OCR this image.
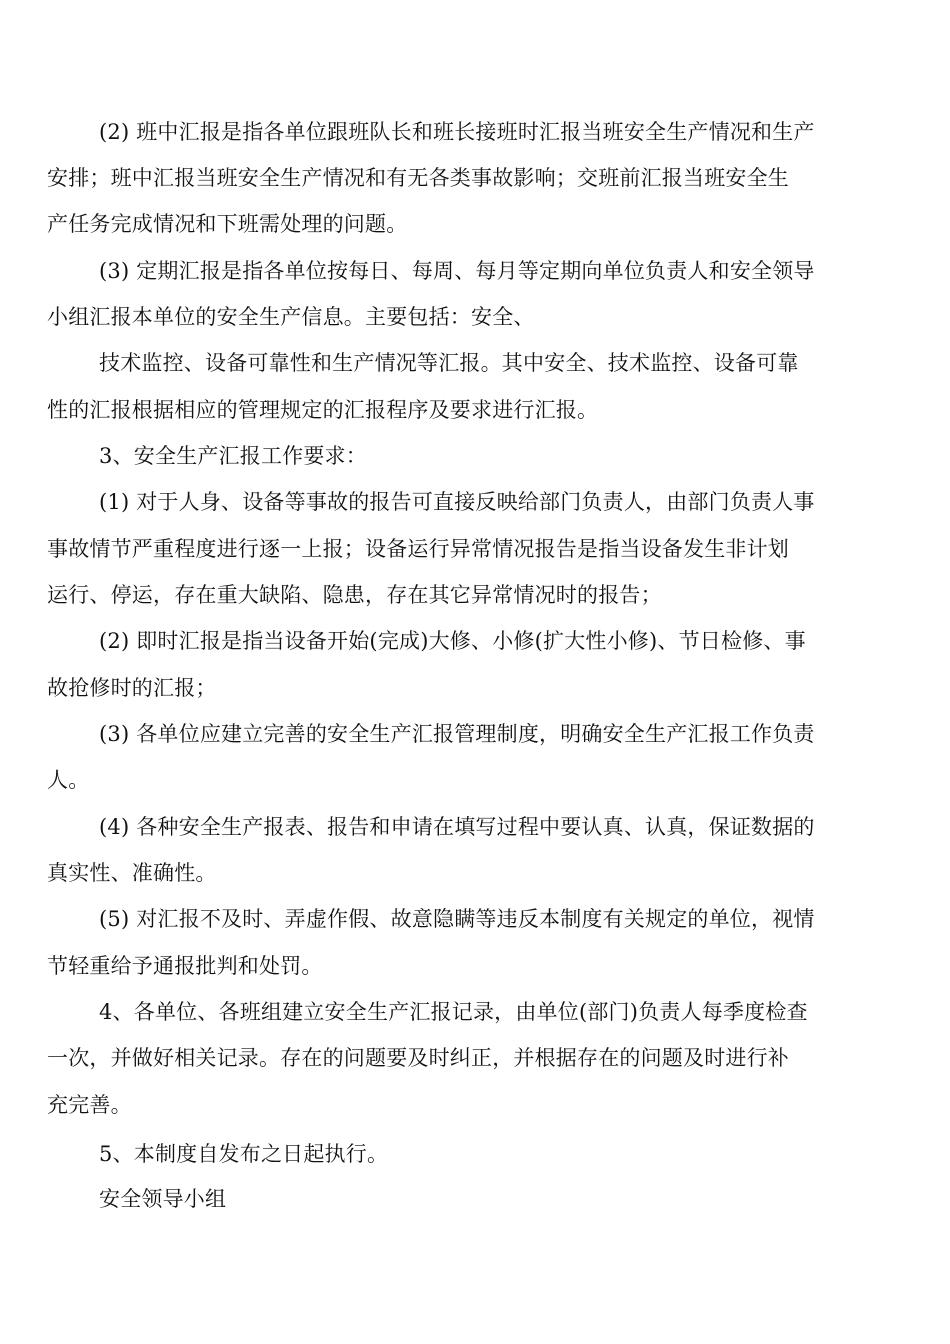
(2) 班中汇报是指各单位跟班队长和班长接班时汇报当班安全生产情况和生产
安排；班中汇报当班安全生产情况和有无各类事故影响；交班前汇报当班安全生
产任务完成情况和下班需处理的问题。
(3) 定期汇报是指各单位按每日、每周、每月等定期向单位负责人和安全领导
小组汇报本单位的安全生产信息。主要包括：安全、
技术监控、设备可靠性和生产情况等汇报。其中安全、技术监控、设备可靠
性的汇报根据相应的管理规定的汇报程序及要求进行汇报。
3、安全生产汇报工作要求：
(1) 对于人身、设备等事故的报告可直接反映给部门负责人，由部门负责人事
事故情节严重程度进行逐一上报；设备运行异常情况报告是指当设备发生非计划
运行、停运，存在重大缺陷、隐患，存在其它异常情况时的报告；
(2) 即时汇报是指当设备开始(完成)大修、小修(扩大性小修)、节日检修、事
故抢修时的汇报；
(3) 各单位应建立完善的安全生产汇报管理制度，明确安全生产汇报工作负责
人。
(4) 各种安全生产报表、报告和申请在填写过程中要认真、认真，保证数据的
真实性、准确性。
(5) 对汇报不及时、弄虚作假、故意隐瞒等违反本制度有关规定的单位，视情
节轻重给予通报批判和处罚。
4、各单位、各班组建立安全生产汇报记录，由单位(部门)负责人每季度检查
一次，并做好相关记录。存在的问题要及时纠正，并根据存在的问题及时进行补
充完善。
5、本制度自发布之日起执行。
安全领导小组
